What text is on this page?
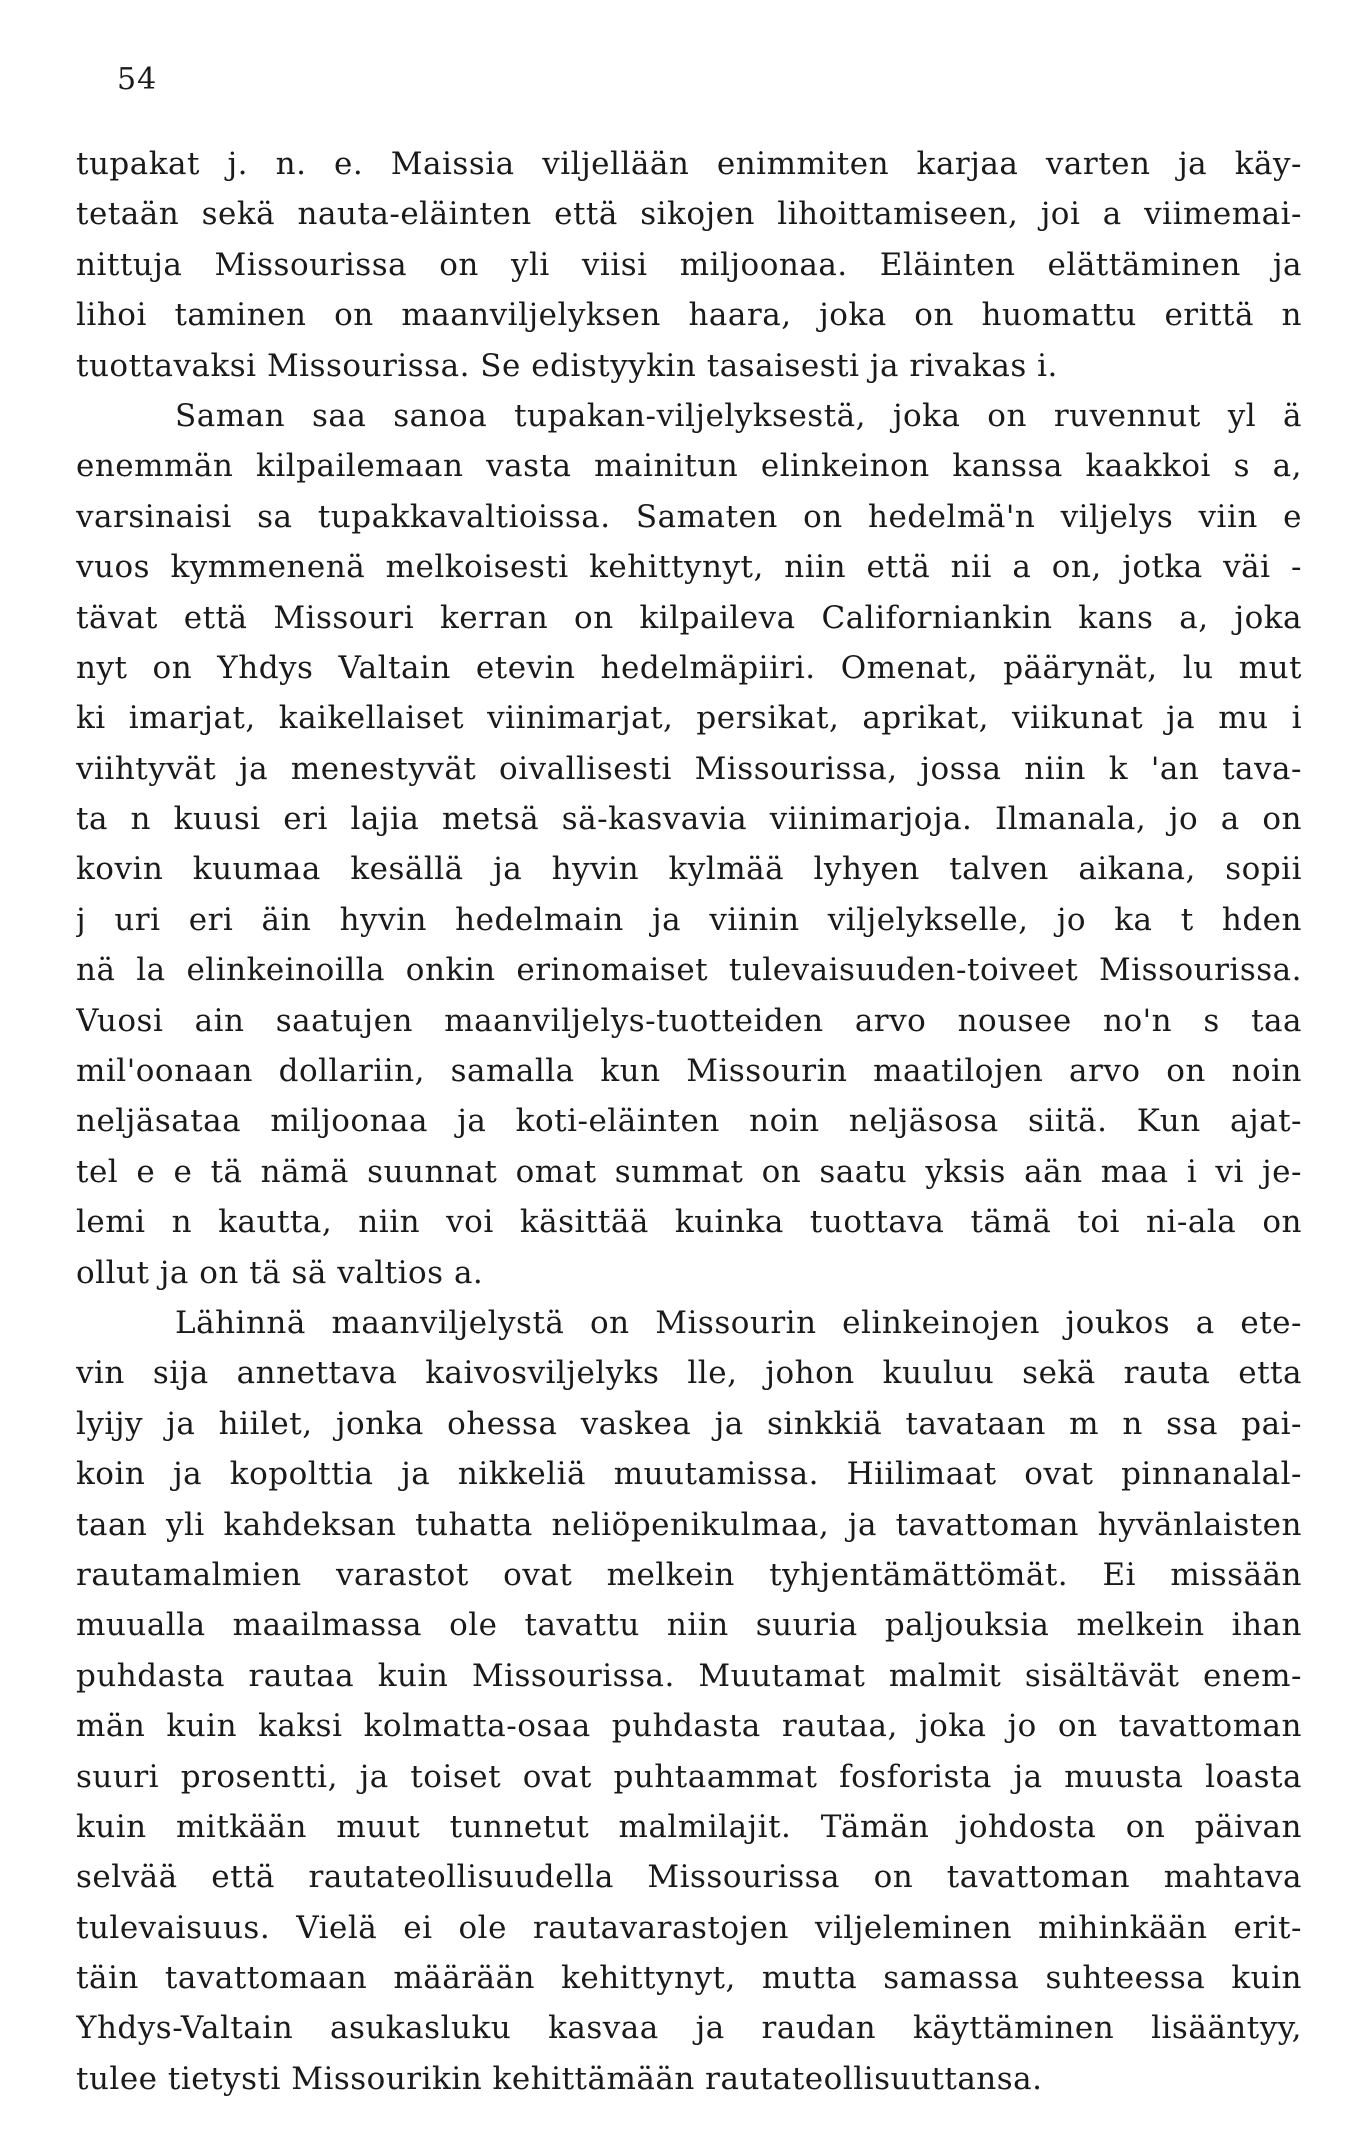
54
tupakat j. n. e. Maissia viljellään enimmiten karjaa varten ja käy-
tetaän sekä nauta-eläinten että sikojen lihoittamiseen, joi a viimemai-
nittuja Missourissa on yli viisi miljoonaa. Eläinten elättäminen ja
lihoi taminen on maanviljelyksen haara, joka on huomattu erittä n
tuottavaksi Missourissa. Se edistyykin tasaisesti ja rivakas i.
Saman saa sanoa tupakan-viljelyksestä, joka on ruvennut yl ä
enemmän kilpailemaan vasta mainitun elinkeinon kanssa kaakkoi s a,
varsinaisi sa tupakkavaltioissa. Samaten on hedelmä'n viljelys viin e
vuos kymmenenä melkoisesti kehittynyt, niin että nii a on, jotka väi -
tävat että Missouri kerran on kilpaileva Californiankin kans a, joka
nyt on Yhdys Valtain etevin hedelmäpiiri. Omenat, päärynät, lu mut
ki imarjat, kaikellaiset viinimarjat, persikat, aprikat, viikunat ja mu i
viihtyvät ja menestyvät oivallisesti Missourissa, jossa niin k 'an tava-
ta n kuusi eri lajia metsä sä-kasvavia viinimarjoja. Ilmanala, jo a on
kovin kuumaa kesällä ja hyvin kylmää lyhyen talven aikana, sopii
j uri eri äin hyvin hedelmain ja viinin viljelykselle, jo ka t hden
nä la elinkeinoilla onkin erinomaiset tulevaisuuden-toiveet Missourissa.
Vuosi ain saatujen maanviljelys-tuotteiden arvo nousee no'n s taa
mil'oonaan dollariin, samalla kun Missourin maatilojen arvo on noin
neljäsataa miljoonaa ja koti-eläinten noin neljäsosa siitä. Kun ajat-
tel e e tä nämä suunnat omat summat on saatu yksis aän maa i vi je-
lemi n kautta, niin voi käsittää kuinka tuottava tämä toi ni-ala on
ollut ja on tä sä valtios a.
Lähinnä maanviljelystä on Missourin elinkeinojen joukos a ete-
vin sija annettava kaivosviljelyks lle, johon kuuluu sekä rauta etta
lyijy ja hiilet, jonka ohessa vaskea ja sinkkiä tavataan m n ssa pai-
koin ja kopolttia ja nikkeliä muutamissa. Hiilimaat ovat pinnanalal-
taan yli kahdeksan tuhatta neliöpenikulmaa, ja tavattoman hyvänlaisten
rautamalmien varastot ovat melkein tyhjentämättömät. Ei missään
muualla maailmassa ole tavattu niin suuria paljouksia melkein ihan
puhdasta rautaa kuin Missourissa. Muutamat malmit sisältävät enem-
män kuin kaksi kolmatta-osaa puhdasta rautaa, joka jo on tavattoman
suuri prosentti, ja toiset ovat puhtaammat fosforista ja muusta loasta
kuin mitkään muut tunnetut malmilajit. Tämän johdosta on päivan
selvää että rautateollisuudella Missourissa on tavattoman mahtava
tulevaisuus. Vielä ei ole rautavarastojen viljeleminen mihinkään erit-
täin tavattomaan määrään kehittynyt, mutta samassa suhteessa kuin
Yhdys-Valtain asukasluku kasvaa ja raudan käyttäminen lisääntyy,
tulee tietysti Missourikin kehittämään rautateollisuuttansa.
